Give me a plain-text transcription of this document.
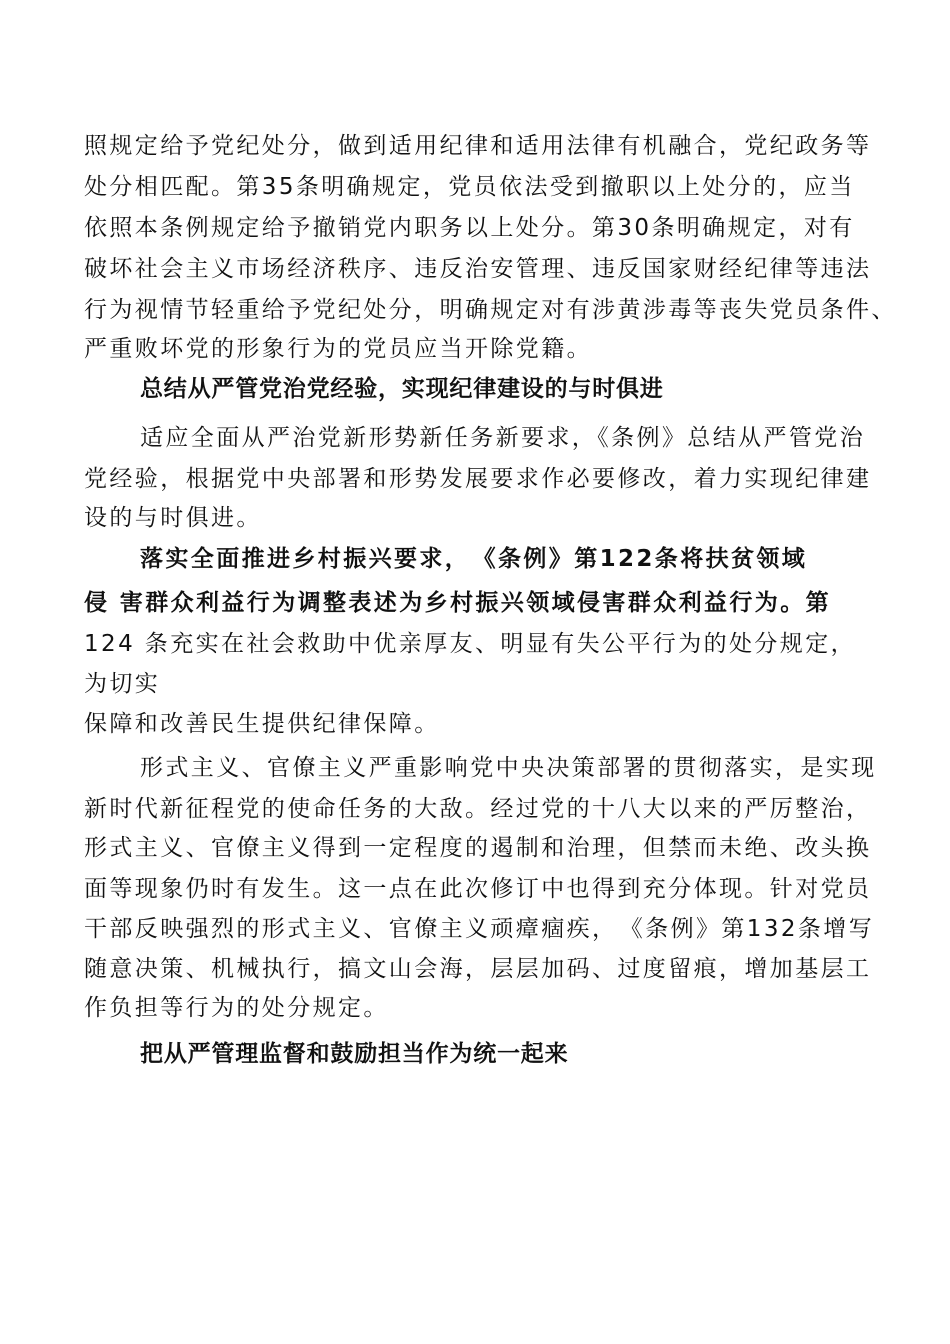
照规定给予党纪处分，做到适用纪律和适用法律有机融合，党纪政务等
处分相匹配。第35条明确规定，党员依法受到撤职以上处分的，应当
依照本条例规定给予撤销党内职务以上处分。第30条明确规定，对有
破坏社会主义市场经济秩序、违反治安管理、违反国家财经纪律等违法
行为视情节轻重给予党纪处分，明确规定对有涉黄涉毒等丧失党员条件、
严重败坏党的形象行为的党员应当开除党籍。
总结从严管党治党经验，实现纪律建设的与时俱进
适应全面从严治党新形势新任务新要求，《条例》总结从严管党治
党经验，根据党中央部署和形势发展要求作必要修改，着力实现纪律建
设的与时俱进。
落实全面推进乡村振兴要求，　《条例》第122条将扶贫领域
侵 害群众利益行为调整表述为乡村振兴领域侵害群众利益行为。第
124 条充实在社会救助中优亲厚友、明显有失公平行为的处分规定，
为切实
保障和改善民生提供纪律保障。
形式主义、官僚主义严重影响党中央决策部署的贯彻落实，是实现
新时代新征程党的使命任务的大敌。经过党的十八大以来的严厉整治，
形式主义、官僚主义得到一定程度的遏制和治理，但禁而未绝、改头换
面等现象仍时有发生。这一点在此次修订中也得到充分体现。针对党员
干部反映强烈的形式主义、官僚主义顽瘴痼疾，　《条例》第132条增写
随意决策、机械执行，搞文山会海，层层加码、过度留痕，增加基层工
作负担等行为的处分规定。
把从严管理监督和鼓励担当作为统一起来
